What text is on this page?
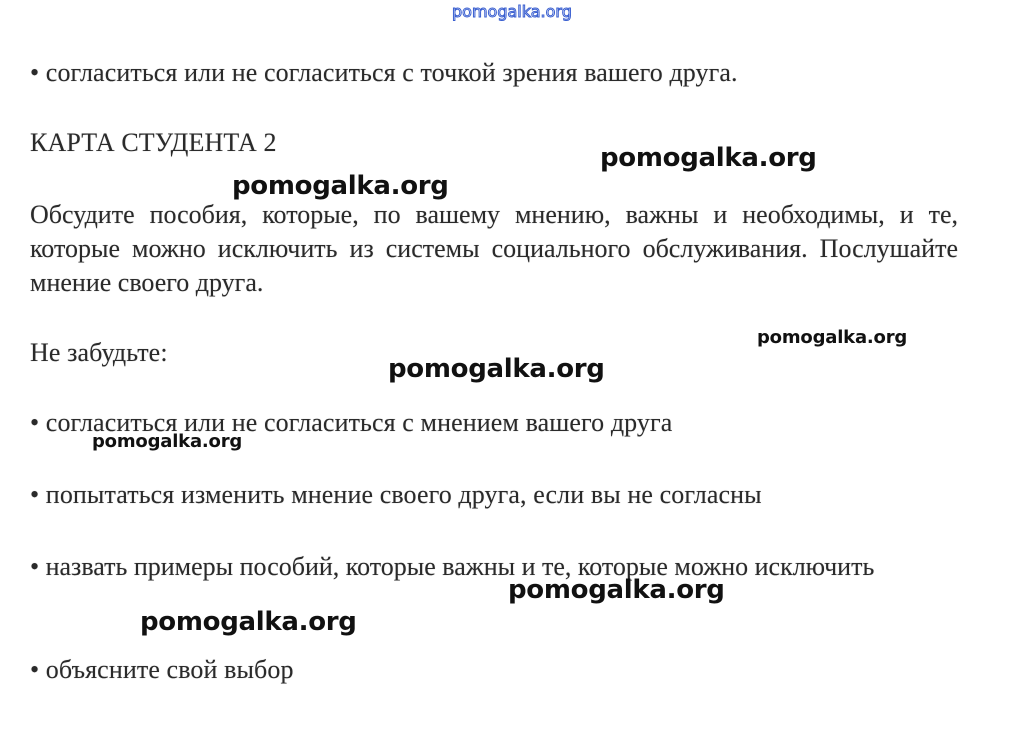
pomogalka.org
• согласиться или не согласиться с точкой зрения вашего друга.
КАРТА СТУДЕНТА 2
pomogalka.org
pomogalka.org
Обсудите пособия, которые, по вашему мнению, важны и необходимы, и те, которые можно исключить из системы социального обслуживания. Послушайте мнение своего друга.
pomogalka.org
Не забудьте:
pomogalka.org
• согласиться или не согласиться с мнением вашего друга
pomogalka.org
• попытаться изменить мнение своего друга, если вы не согласны
• назвать примеры пособий, которые важны и те, которые можно исключить
pomogalka.org
pomogalka.org
• объясните свой выбор
